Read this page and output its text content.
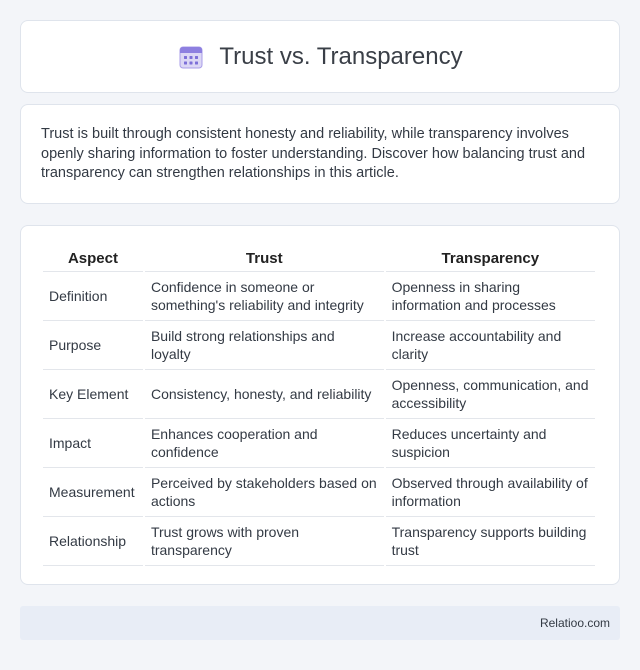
Trust vs. Transparency

Trust is built through consistent honesty and reliability, while transparency involves openly sharing information to foster understanding. Discover how balancing trust and transparency can strengthen relationships in this article.

Aspect	Trust	Transparency
Definition	Confidence in someone or something's reliability and integrity	Openness in sharing information and processes
Purpose	Build strong relationships and loyalty	Increase accountability and clarity
Key Element	Consistency, honesty, and reliability	Openness, communication, and accessibility
Impact	Enhances cooperation and confidence	Reduces uncertainty and suspicion
Measurement	Perceived by stakeholders based on actions	Observed through availability of information
Relationship	Trust grows with proven transparency	Transparency supports building trust
Relatioo.com
